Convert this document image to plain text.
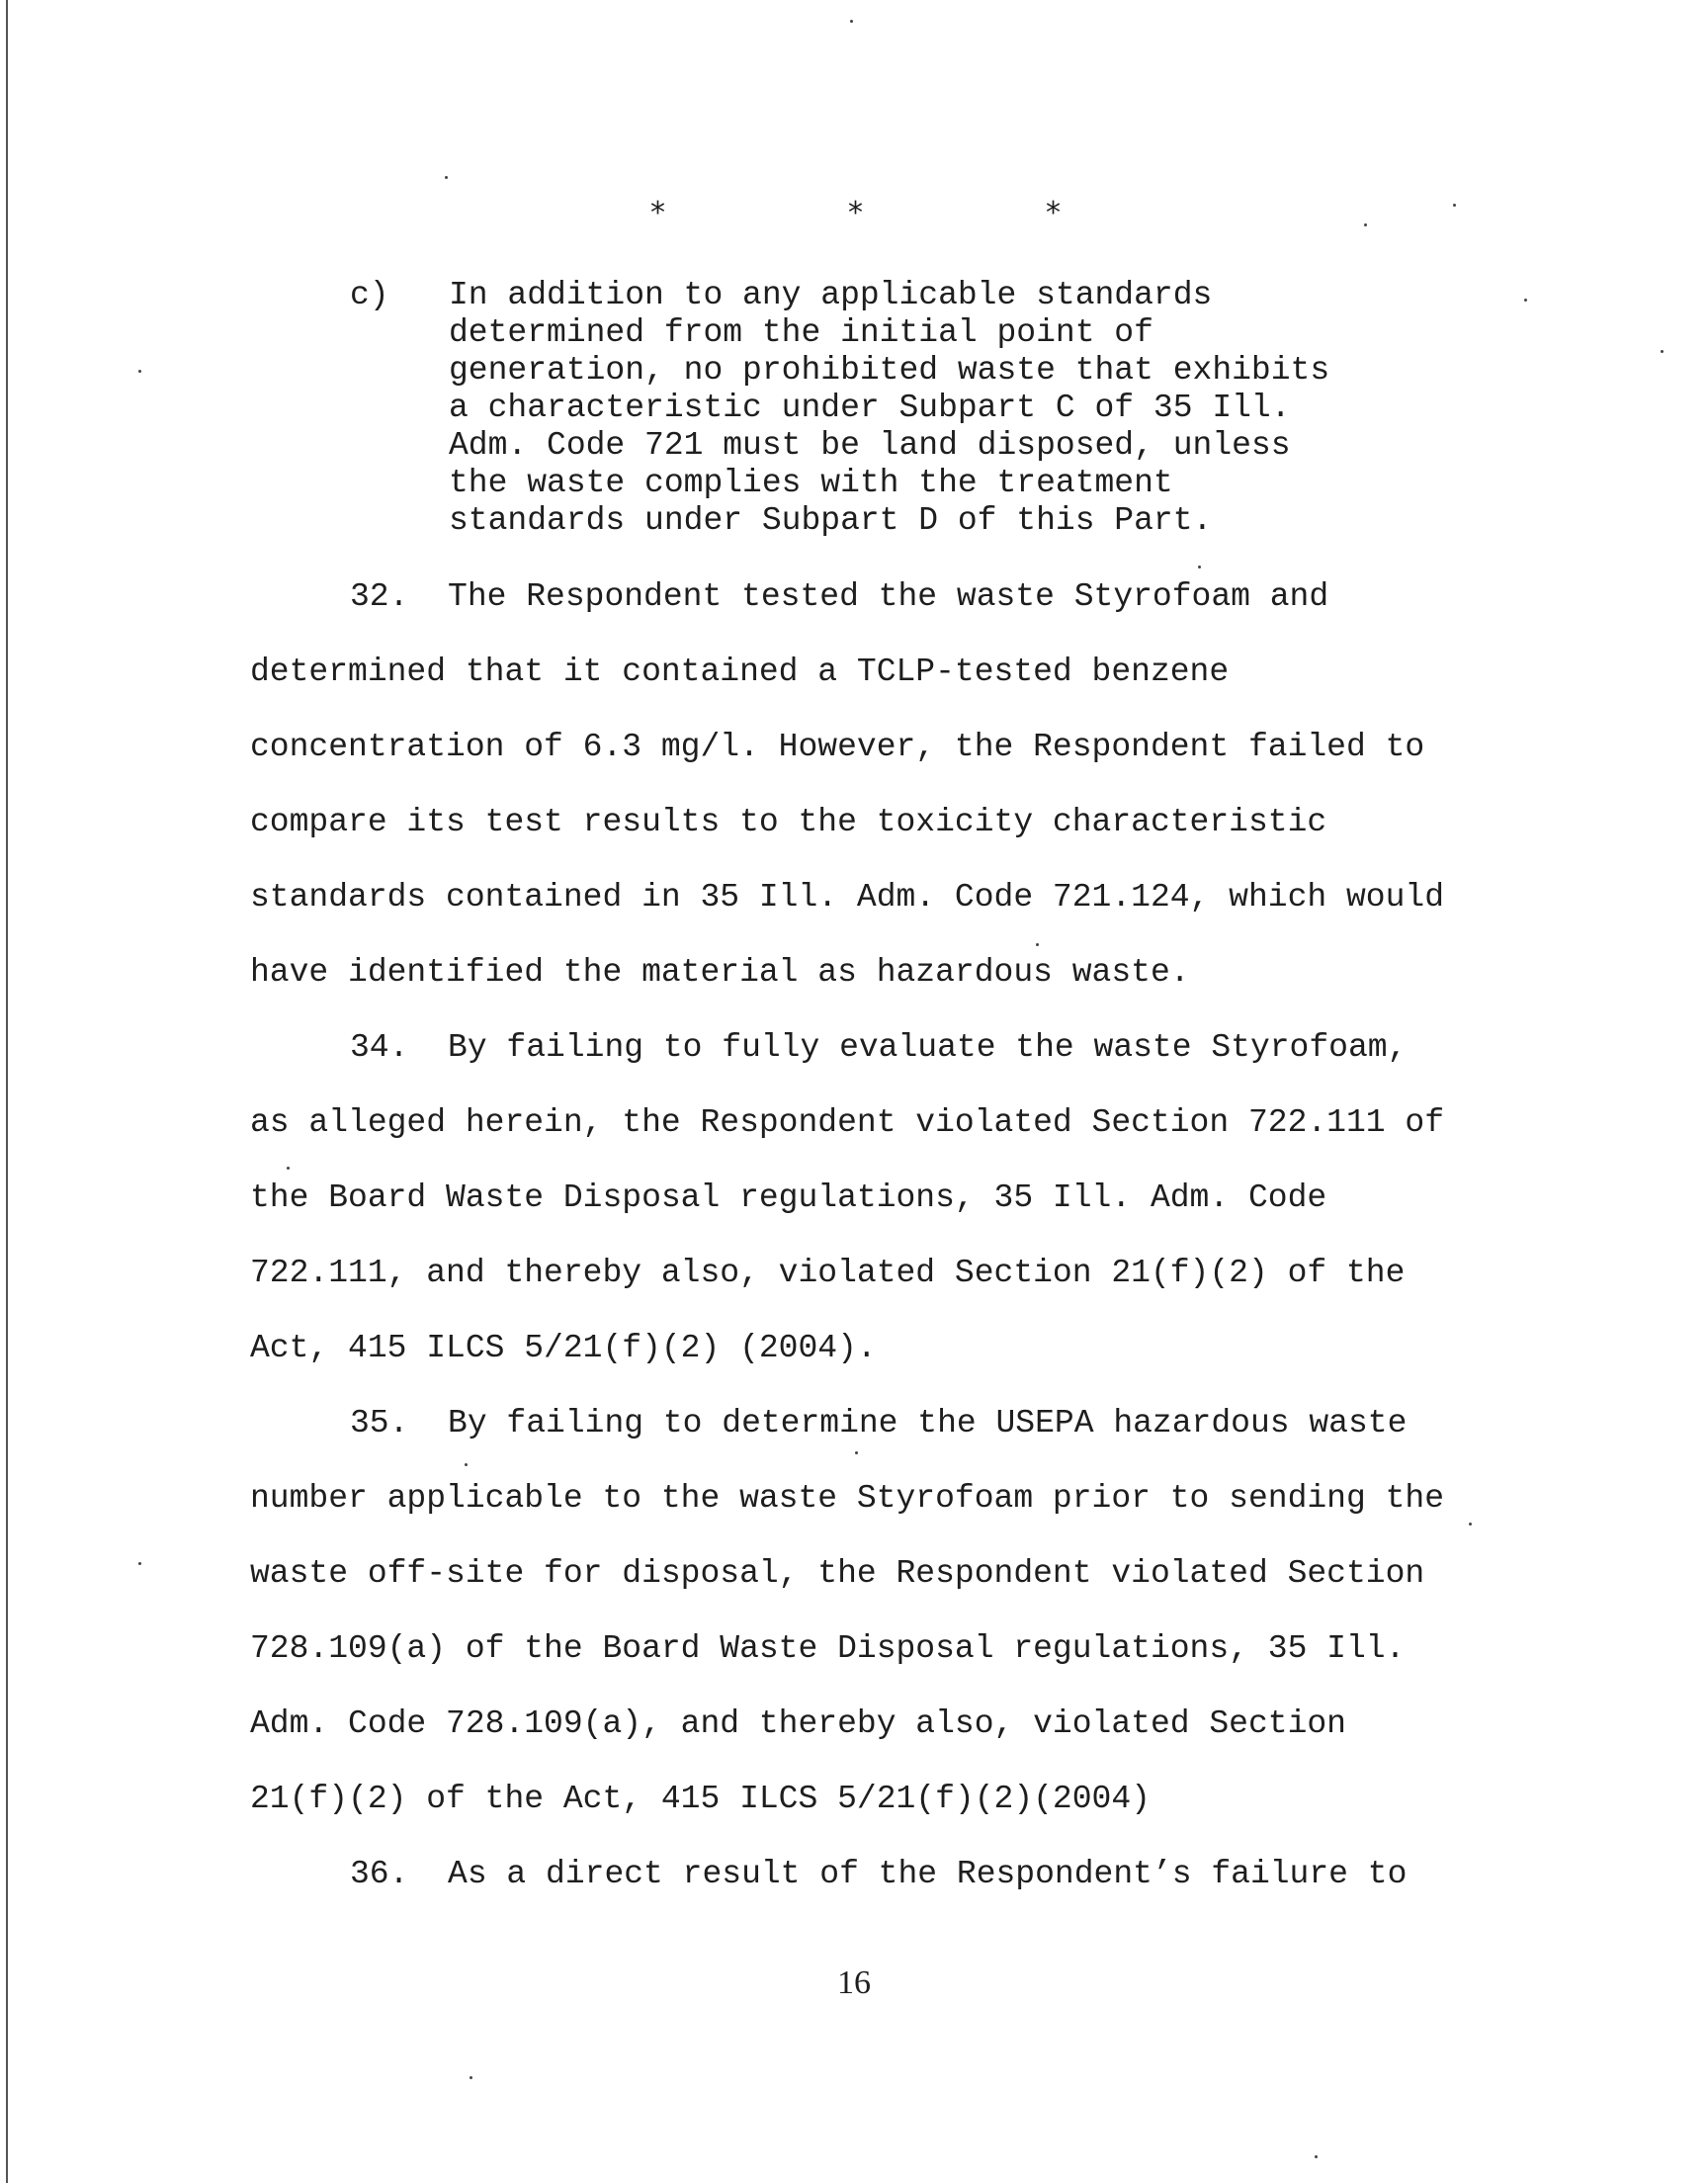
*	*	*
c) In addition to any applicable standards
determined from the initial point of
generation, no prohibited waste that exhibits
a characteristic under Subpart C of 35 Ill.
Adm. Code 721 must be land disposed, unless
the waste complies with the treatment
standards under Subpart D of this Part.
32.  The Respondent tested the waste Styrofoam and
determined that it contained a TCLP-tested benzene
concentration of 6.3 mg/l. However, the Respondent failed to
compare its test results to the toxicity characteristic
standards contained in 35 Ill. Adm. Code 721.124, which would
have identified the material as hazardous waste.
34.  By failing to fully evaluate the waste Styrofoam,
as alleged herein, the Respondent violated Section 722.111 of
the Board Waste Disposal regulations, 35 Ill. Adm. Code
722.111, and thereby also, violated Section 21(f)(2) of the
Act, 415 ILCS 5/21(f)(2) (2004).
35.  By failing to determine the USEPA hazardous waste
number applicable to the waste Styrofoam prior to sending the
waste off-site for disposal, the Respondent violated Section
728.109(a) of the Board Waste Disposal regulations, 35 Ill.
Adm. Code 728.109(a), and thereby also, violated Section
21(f)(2) of the Act, 415 ILCS 5/21(f)(2)(2004)
36.  As a direct result of the Respondent’s failure to
16
